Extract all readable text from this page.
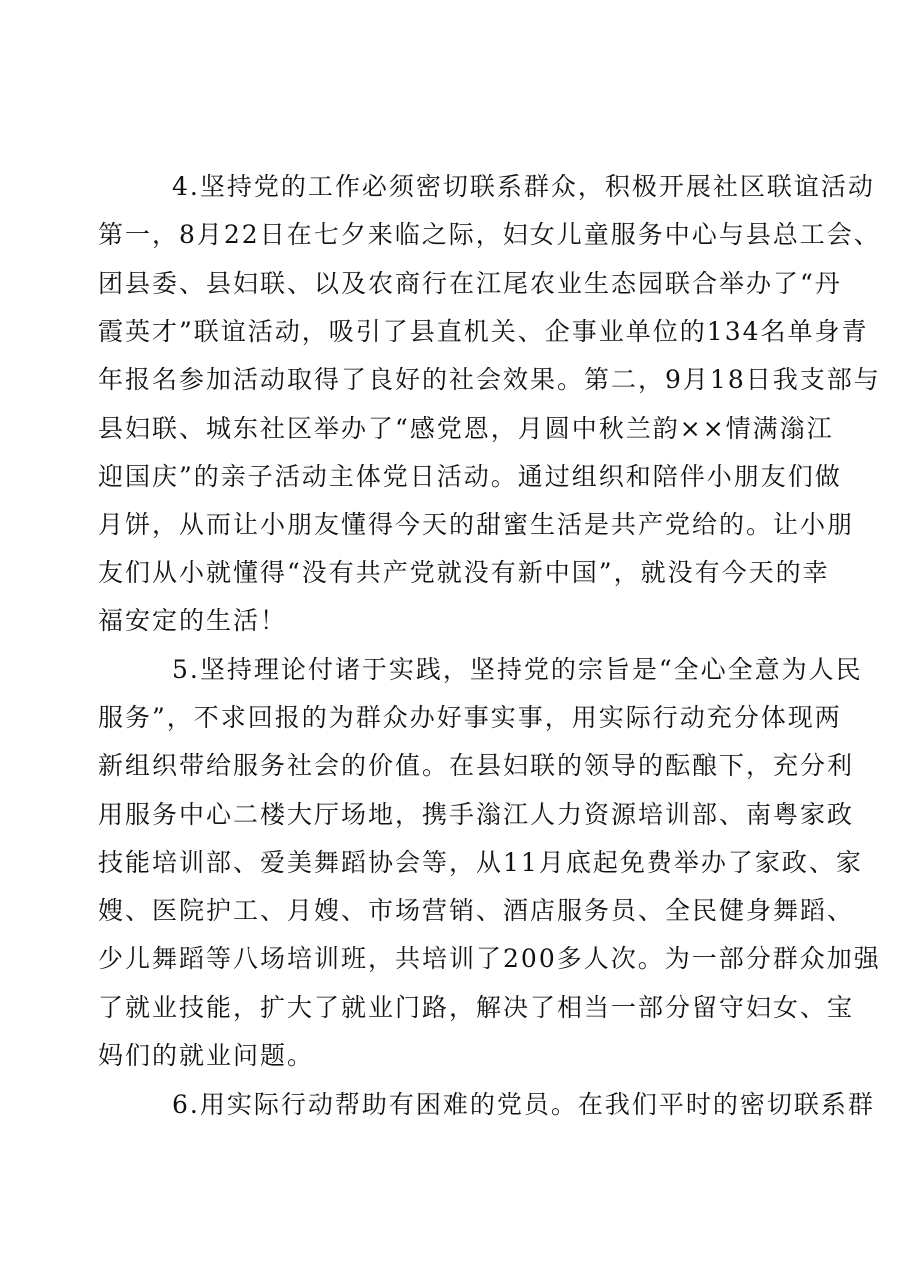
4.坚持党的工作必须密切联系群众，积极开展社区联谊活动
第一，8月22日在七夕来临之际，妇女儿童服务中心与县总工会、
团县委、县妇联、以及农商行在江尾农业生态园联合举办了“丹
霞英才”联谊活动，吸引了县直机关、企事业单位的134名单身青
年报名参加活动取得了良好的社会效果。第二，9月18日我支部与
县妇联、城东社区举办了“感党恩，月圆中秋兰韵××情满滃江
迎国庆”的亲子活动主体党日活动。通过组织和陪伴小朋友们做
月饼，从而让小朋友懂得今天的甜蜜生活是共产党给的。让小朋
友们从小就懂得“没有共产党就没有新中国”，就没有今天的幸
福安定的生活！
5.坚持理论付诸于实践，坚持党的宗旨是“全心全意为人民
服务”，不求回报的为群众办好事实事，用实际行动充分体现两
新组织带给服务社会的价值。在县妇联的领导的酝酿下，充分利
用服务中心二楼大厅场地，携手滃江人力资源培训部、南粤家政
技能培训部、爱美舞蹈协会等，从11月底起免费举办了家政、家
嫂、医院护工、月嫂、市场营销、酒店服务员、全民健身舞蹈、
少儿舞蹈等八场培训班，共培训了200多人次。为一部分群众加强
了就业技能，扩大了就业门路，解决了相当一部分留守妇女、宝
妈们的就业问题。
6.用实际行动帮助有困难的党员。在我们平时的密切联系群
